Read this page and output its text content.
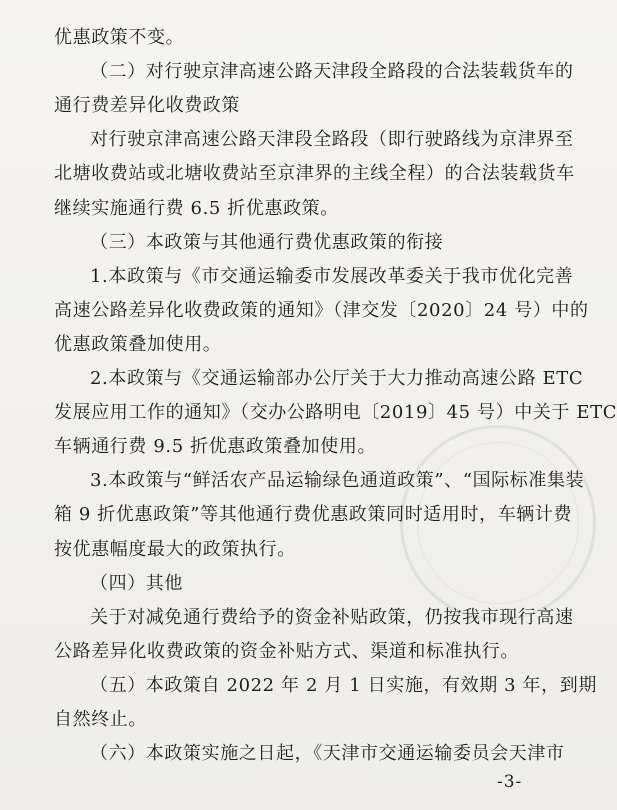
优惠政策不变。
（二）对行驶京津高速公路天津段全路段的合法装载货车的
通行费差异化收费政策
对行驶京津高速公路天津段全路段（即行驶路线为京津界至
北塘收费站或北塘收费站至京津界的主线全程）的合法装载货车
继续实施通行费 6.5 折优惠政策。
（三）本政策与其他通行费优惠政策的衔接
1.本政策与《市交通运输委市发展改革委关于我市优化完善
高速公路差异化收费政策的通知》（津交发〔2020〕24 号）中的
优惠政策叠加使用。
2.本政策与《交通运输部办公厅关于大力推动高速公路 ETC
发展应用工作的通知》（交办公路明电〔2019〕45 号）中关于 ETC
车辆通行费 9.5 折优惠政策叠加使用。
3.本政策与“鲜活农产品运输绿色通道政策”、“国际标准集装
箱 9 折优惠政策”等其他通行费优惠政策同时适用时，车辆计费
按优惠幅度最大的政策执行。
（四）其他
关于对减免通行费给予的资金补贴政策，仍按我市现行高速
公路差异化收费政策的资金补贴方式、渠道和标准执行。
（五）本政策自 2022 年 2 月 1 日实施，有效期 3 年，到期
自然终止。
（六）本政策实施之日起，《天津市交通运输委员会天津市
-3-
